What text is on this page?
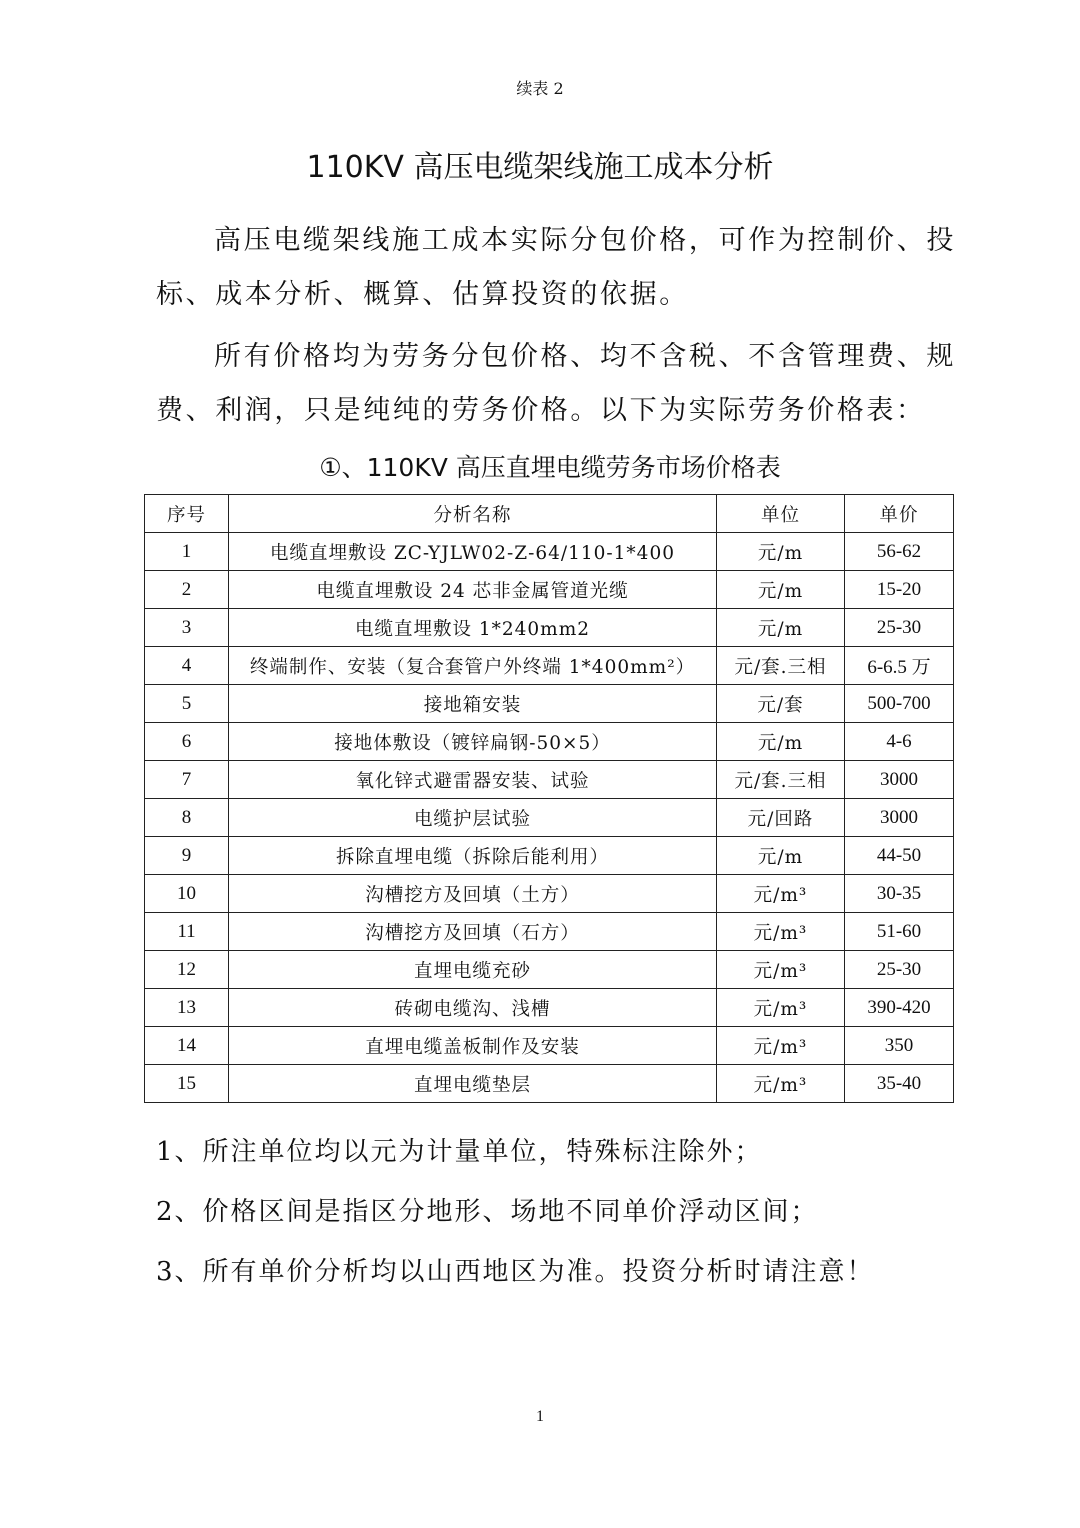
续表 2
110KV 高压电缆架线施工成本分析

高压电缆架线施工成本实际分包价格，可作为控制价、投标、成本分析、概算、估算投资的依据。

所有价格均为劳务分包价格、均不含税、不含管理费、规费、利润，只是纯纯的劳务价格。以下为实际劳务价格表：

①、110KV 高压直埋电缆劳务市场价格表
序号	分析名称	单位	单价
1	电缆直埋敷设 ZC-YJLW02-Z-64/110-1*400	元/m	56-62
2	电缆直埋敷设 24 芯非金属管道光缆	元/m	15-20
3	电缆直埋敷设 1*240mm2	元/m	25-30
4	终端制作、安装（复合套管户外终端 1*400mm²）	元/套.三相	6-6.5 万
5	接地箱安装	元/套	500-700
6	接地体敷设（镀锌扁钢-50×5）	元/m	4-6
7	氧化锌式避雷器安装、试验	元/套.三相	3000
8	电缆护层试验	元/回路	3000
9	拆除直埋电缆（拆除后能利用）	元/m	44-50
10	沟槽挖方及回填（土方）	元/m³	30-35
11	沟槽挖方及回填（石方）	元/m³	51-60
12	直埋电缆充砂	元/m³	25-30
13	砖砌电缆沟、浅槽	元/m³	390-420
14	直埋电缆盖板制作及安装	元/m³	350
15	直埋电缆垫层	元/m³	35-40
1、所注单位均以元为计量单位，特殊标注除外；
2、价格区间是指区分地形、场地不同单价浮动区间；
3、所有单价分析均以山西地区为准。投资分析时请注意！
1
